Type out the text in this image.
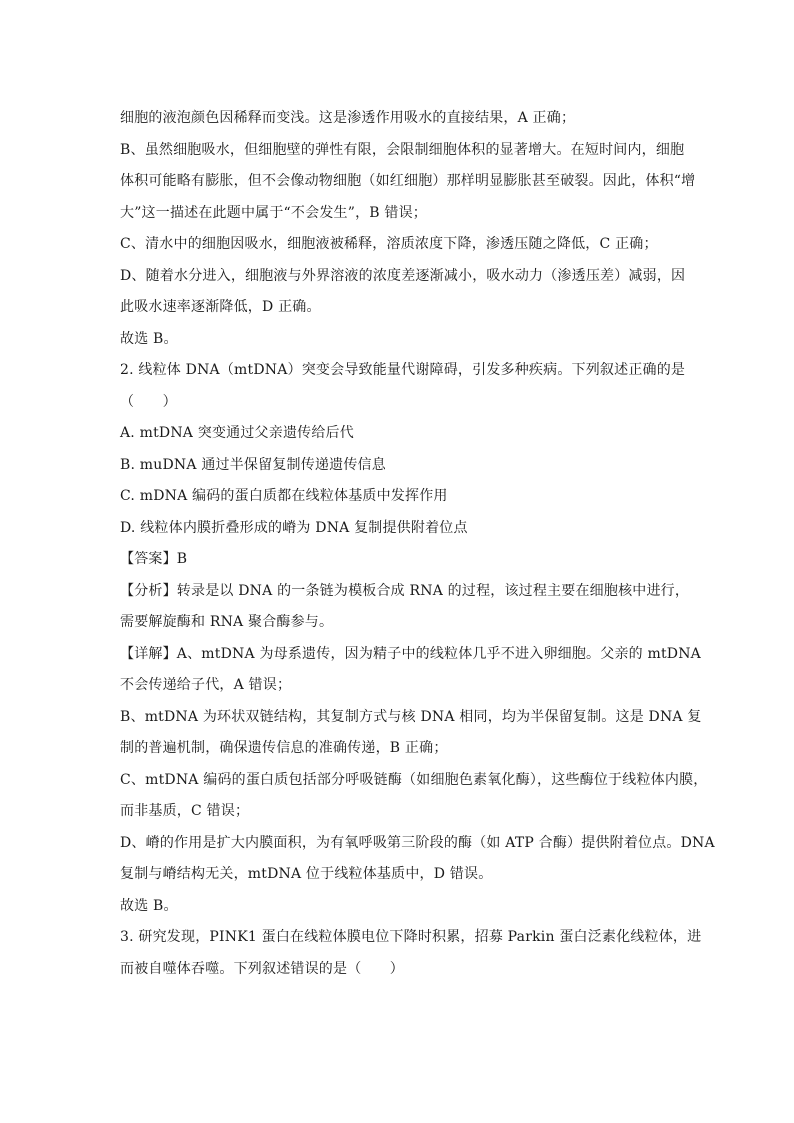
细胞的液泡颜色因稀释而变浅。这是渗透作用吸水的直接结果，A 正确；
B、虽然细胞吸水，但细胞壁的弹性有限，会限制细胞体积的显著增大。在短时间内，细胞
体积可能略有膨胀，但不会像动物细胞（如红细胞）那样明显膨胀甚至破裂。因此，体积“增
大”这一描述在此题中属于“不会发生”，B 错误；
C、清水中的细胞因吸水，细胞液被稀释，溶质浓度下降，渗透压随之降低，C 正确；
D、随着水分进入，细胞液与外界溶液的浓度差逐渐减小，吸水动力（渗透压差）减弱，因
此吸水速率逐渐降低，D 正确。
故选 B。
2. 线粒体 DNA（mtDNA）突变会导致能量代谢障碍，引发多种疾病。下列叙述正确的是
（　　）
A. mtDNA 突变通过父亲遗传给后代
B. muDNA 通过半保留复制传递遗传信息
C. mDNA 编码的蛋白质都在线粒体基质中发挥作用
D. 线粒体内膜折叠形成的嵴为 DNA 复制提供附着位点
【答案】B
【分析】转录是以 DNA 的一条链为模板合成 RNA 的过程，该过程主要在细胞核中进行，
需要解旋酶和 RNA 聚合酶参与。
【详解】A、mtDNA 为母系遗传，因为精子中的线粒体几乎不进入卵细胞。父亲的 mtDNA
不会传递给子代，A 错误；
B、mtDNA 为环状双链结构，其复制方式与核 DNA 相同，均为半保留复制。这是 DNA 复
制的普遍机制，确保遗传信息的准确传递，B 正确；
C、mtDNA 编码的蛋白质包括部分呼吸链酶（如细胞色素氧化酶），这些酶位于线粒体内膜，
而非基质，C 错误；
D、嵴的作用是扩大内膜面积，为有氧呼吸第三阶段的酶（如 ATP 合酶）提供附着位点。DNA
复制与嵴结构无关，mtDNA 位于线粒体基质中，D 错误。
故选 B。
3. 研究发现，PINK1 蛋白在线粒体膜电位下降时积累，招募 Parkin 蛋白泛素化线粒体，进
而被自噬体吞噬。下列叙述错误的是（　　）
